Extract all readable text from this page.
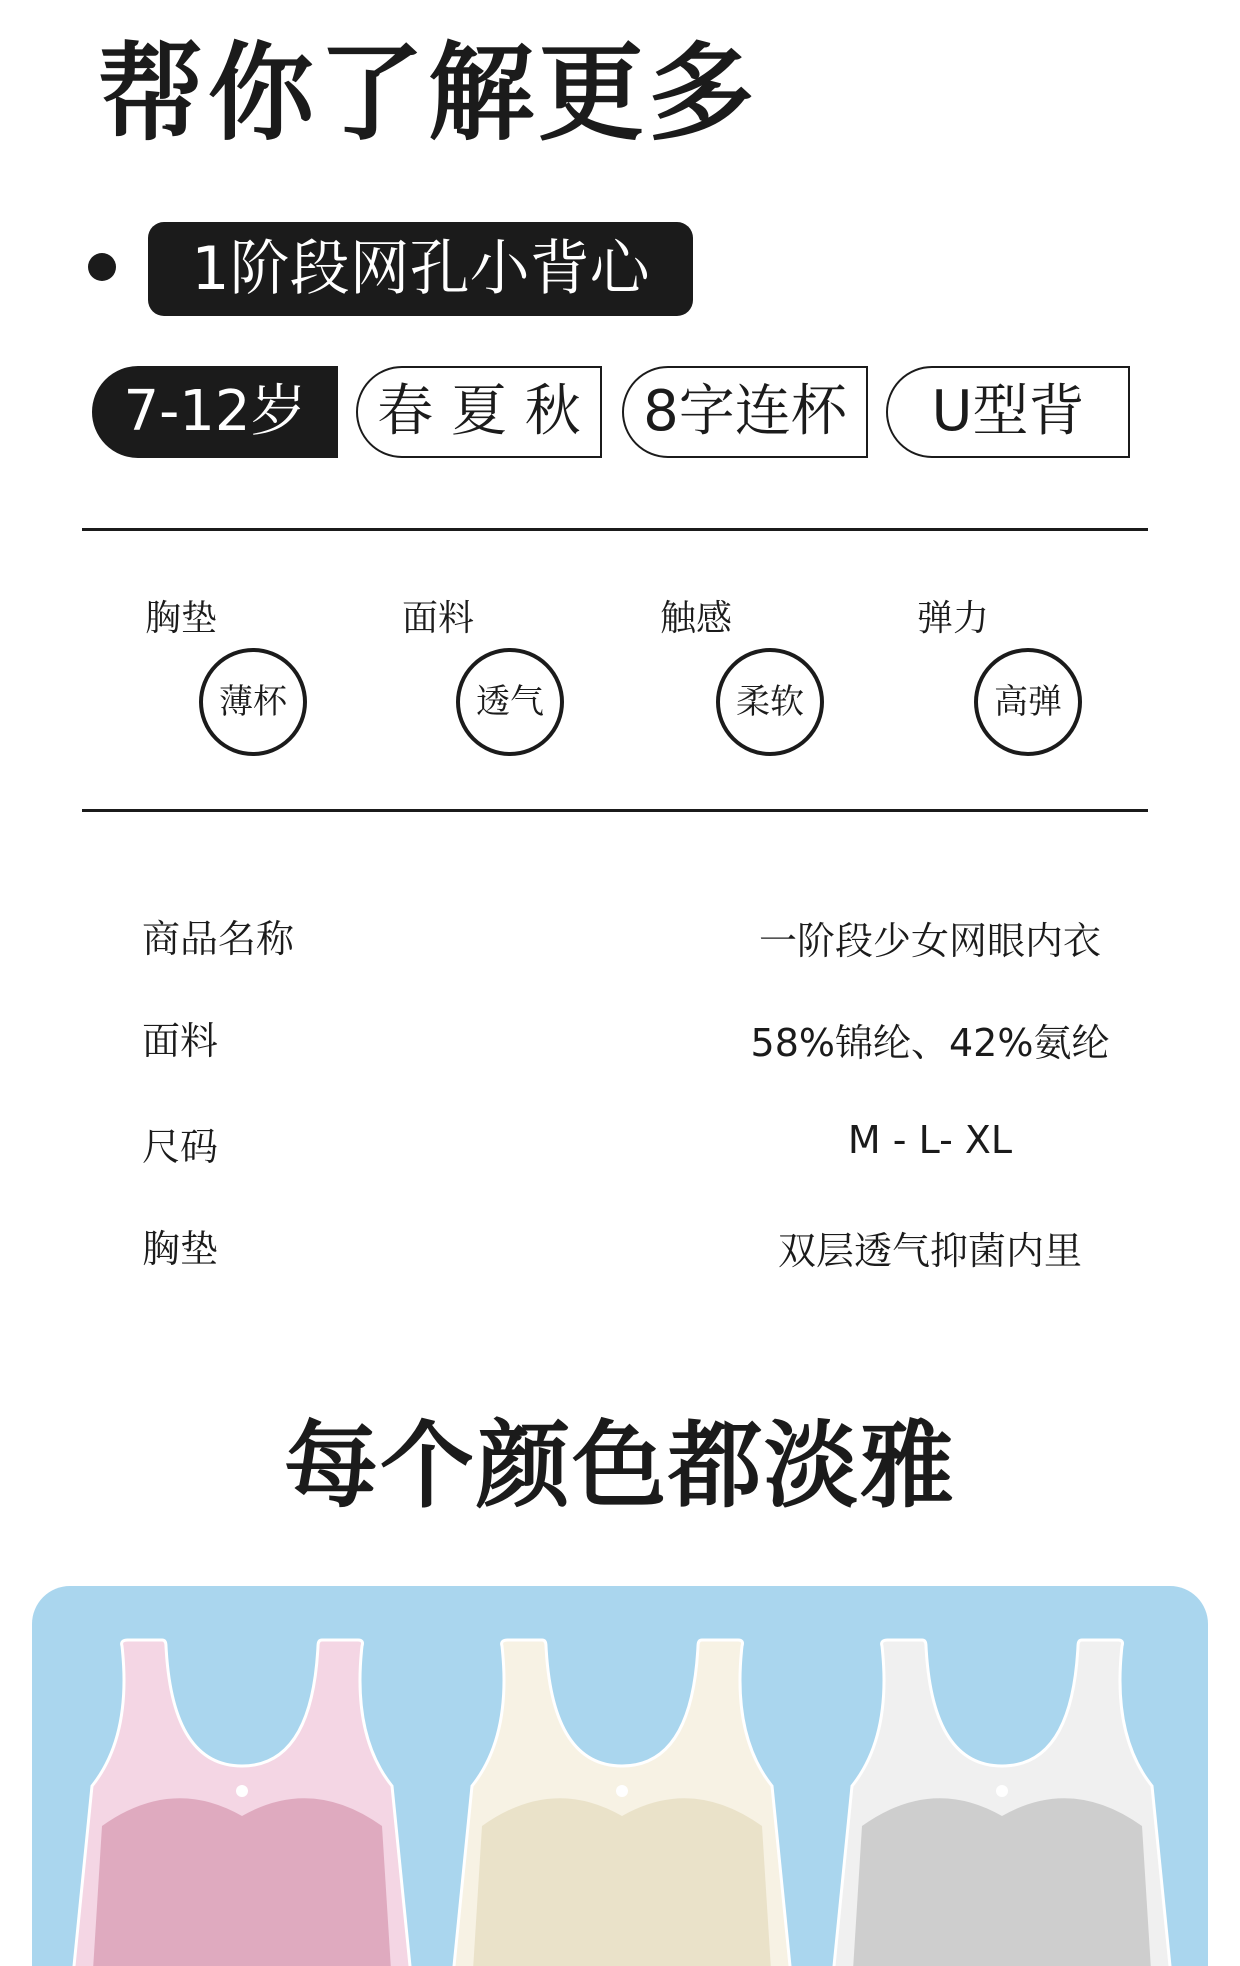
帮你了解更多
1阶段网孔小背心
7-12岁	春 夏 秋	8字连杯	U型背
胸垫	面料	触感	弹力
薄杯	透气	柔软	高弹
商品名称	一阶段少女网眼内衣
面料	58%锦纶、42%氨纶
尺码	M - L- XL
胸垫	双层透气抑菌内里
每个颜色都淡雅
